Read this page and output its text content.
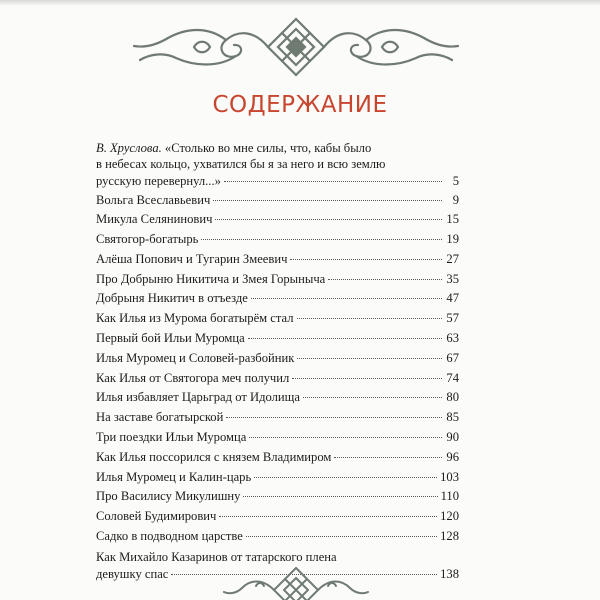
СОДЕРЖАНИЕ
В. Хруслова. «Столько во мне силы, что, кабы было
в небесах кольцо, ухватился бы я за него и всю землю
русскую перевернул...»	5
Вольга Всеславьевич	9
Микула Селянинович	15
Святогор-богатырь	19
Алёша Попович и Тугарин Змеевич	27
Про Добрыню Никитича и Змея Горыныча	35
Добрыня Никитич в отъезде	47
Как Илья из Мурома богатырём стал	57
Первый бой Ильи Муромца	63
Илья Муромец и Соловей-разбойник	67
Как Илья от Святогора меч получил	74
Илья избавляет Царьград от Идолища	80
На заставе богатырской	85
Три поездки Ильи Муромца	90
Как Илья поссорился с князем Владимиром	96
Илья Муромец и Калин-царь	103
Про Василису Микулишну	110
Соловей Будимирович	120
Садко в подводном царстве	128
Как Михайло Казаринов от татарского плена
девушку спас	138
